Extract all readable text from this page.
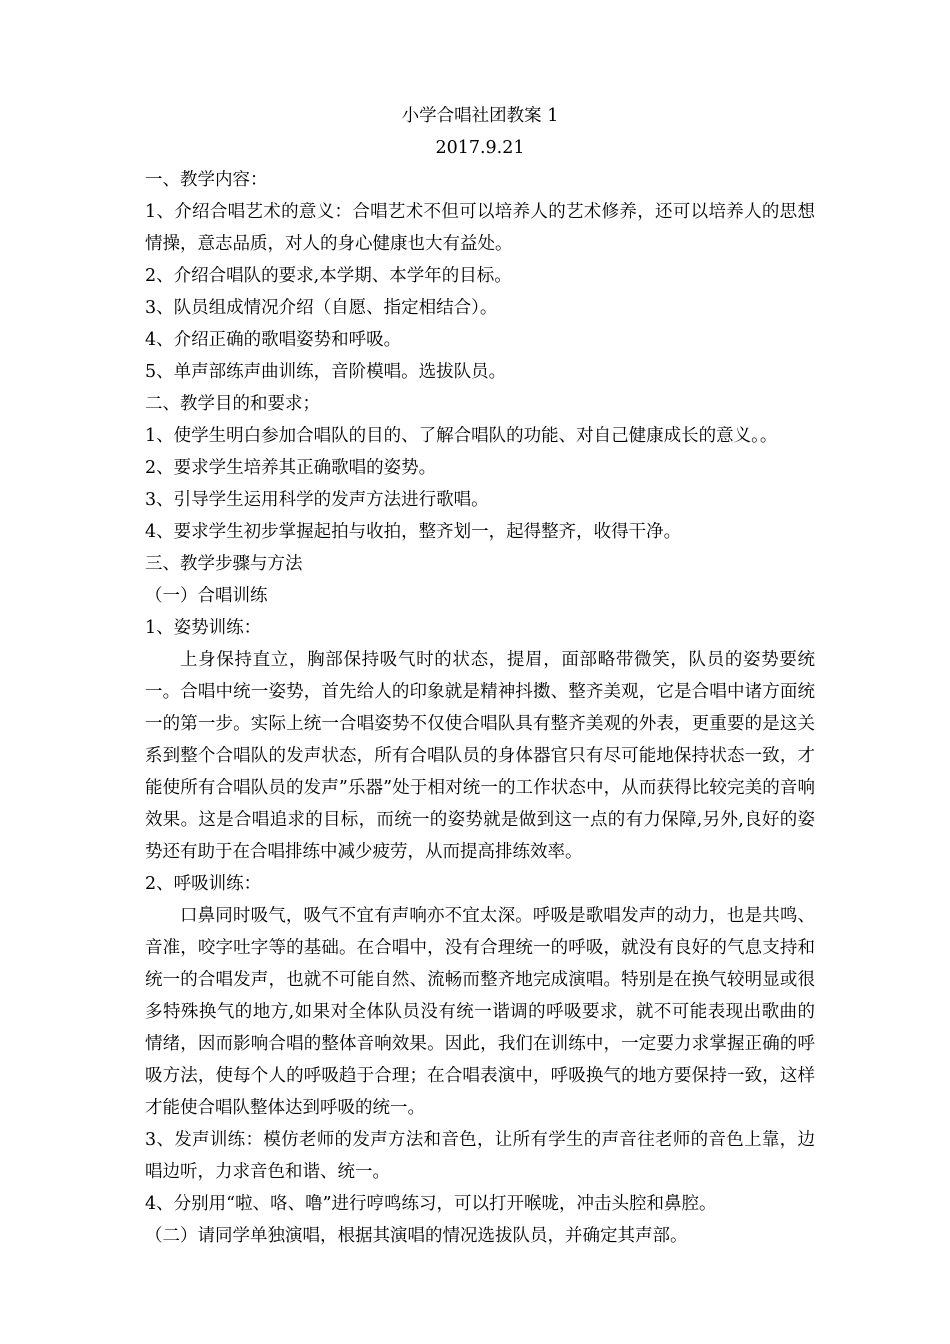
小学合唱社团教案 1
2017.9.21
一、教学内容：
1、介绍合唱艺术的意义：合唱艺术不但可以培养人的艺术修养，还可以培养人的思想情操，意志品质，对人的身心健康也大有益处。
2、介绍合唱队的要求,本学期、本学年的目标。
3、队员组成情况介绍（自愿、指定相结合）。
4、介绍正确的歌唱姿势和呼吸。
5、单声部练声曲训练，音阶模唱。选拔队员。
二、教学目的和要求；
1、使学生明白参加合唱队的目的、了解合唱队的功能、对自己健康成长的意义。。
2、要求学生培养其正确歌唱的姿势。
3、引导学生运用科学的发声方法进行歌唱。
4、要求学生初步掌握起拍与收拍，整齐划一，起得整齐，收得干净。
三、教学步骤与方法
（一）合唱训练
1、姿势训练：
上身保持直立，胸部保持吸气时的状态，提眉，面部略带微笑，队员的姿势要统一。合唱中统一姿势，首先给人的印象就是精神抖擞、整齐美观，它是合唱中诸方面统一的第一步。实际上统一合唱姿势不仅使合唱队具有整齐美观的外表，更重要的是这关系到整个合唱队的发声状态，所有合唱队员的身体器官只有尽可能地保持状态一致，才能使所有合唱队员的发声”乐器”处于相对统一的工作状态中，从而获得比较完美的音响效果。这是合唱追求的目标，而统一的姿势就是做到这一点的有力保障,另外,良好的姿势还有助于在合唱排练中减少疲劳，从而提高排练效率。
2、呼吸训练：
口鼻同时吸气，吸气不宜有声响亦不宜太深。呼吸是歌唱发声的动力，也是共鸣、音准，咬字吐字等的基础。在合唱中，没有合理统一的呼吸，就没有良好的气息支持和统一的合唱发声，也就不可能自然、流畅而整齐地完成演唱。特别是在换气较明显或很多特殊换气的地方,如果对全体队员没有统一谐调的呼吸要求，就不可能表现出歌曲的情绪，因而影响合唱的整体音响效果。因此，我们在训练中，一定要力求掌握正确的呼吸方法，使每个人的呼吸趋于合理；在合唱表演中，呼吸换气的地方要保持一致，这样才能使合唱队整体达到呼吸的统一。
3、发声训练：模仿老师的发声方法和音色，让所有学生的声音往老师的音色上靠，边唱边听，力求音色和谐、统一。
4、分别用“啦、咯、噜”进行哼鸣练习，可以打开喉咙，冲击头腔和鼻腔。
（二）请同学单独演唱，根据其演唱的情况选拔队员，并确定其声部。
